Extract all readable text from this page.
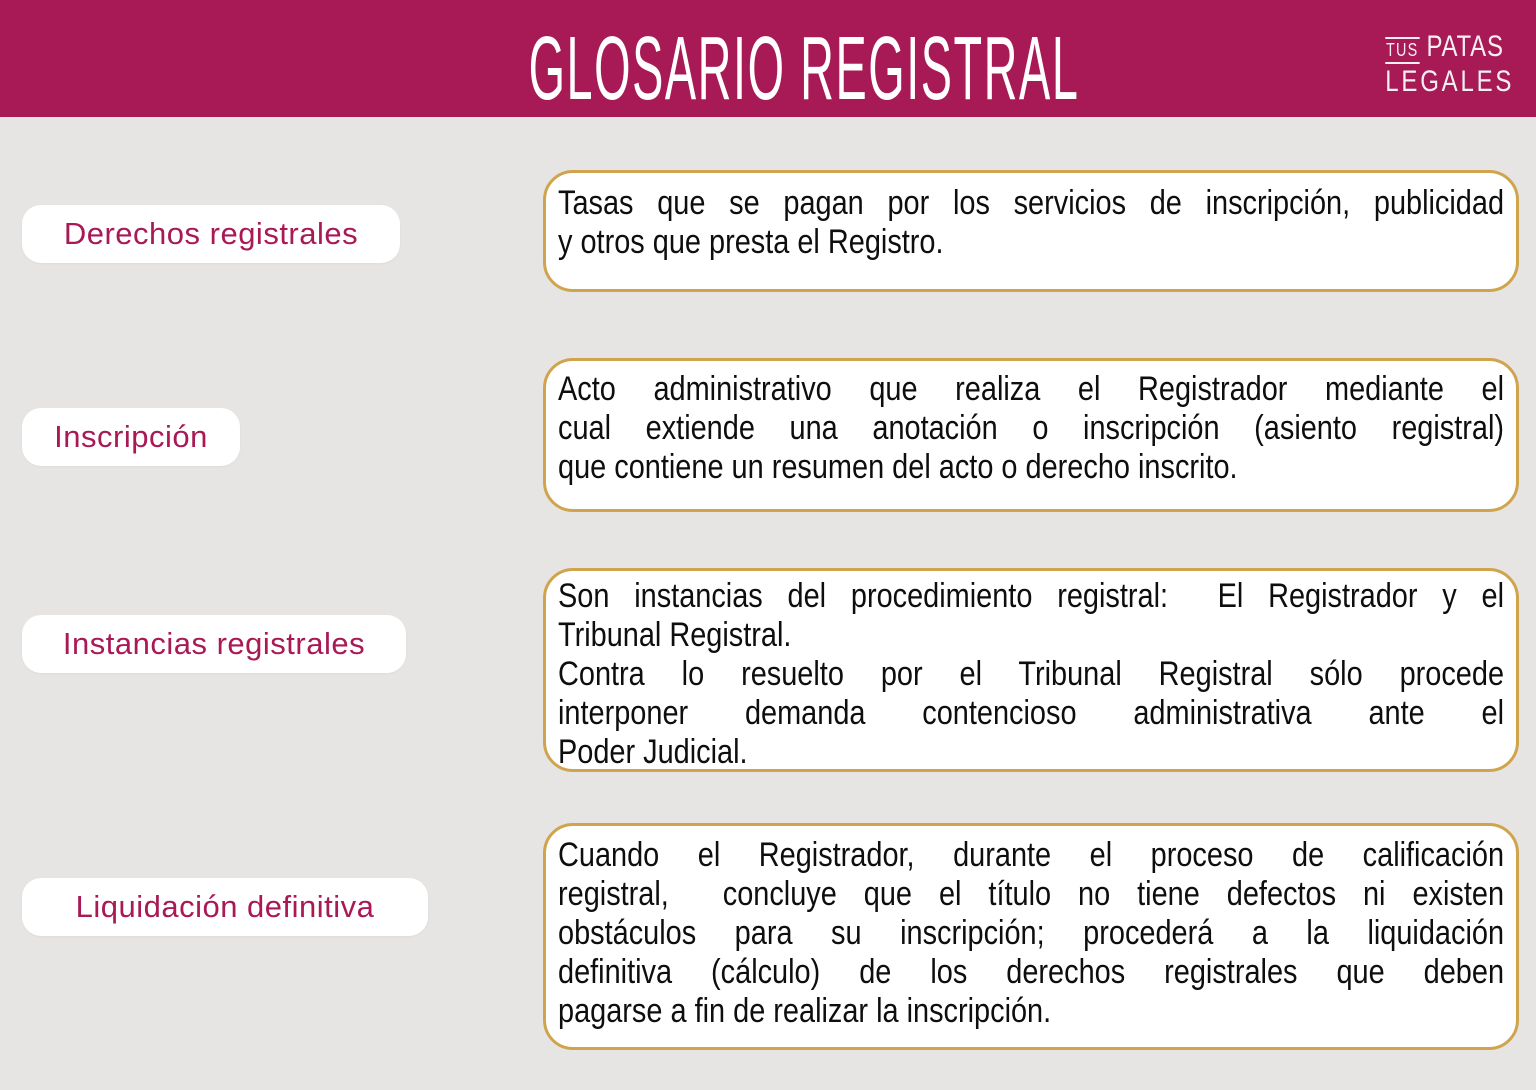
GLOSARIO REGISTRAL	TUS PATAS
LEGALES
Derechos registrales
Tasas que se pagan por los servicios de inscripción, publicidad
y otros que presta el Registro.
Inscripción
Acto administrativo que realiza el Registrador mediante el
cual extiende una anotación o inscripción (asiento registral)
que contiene un resumen del acto o derecho inscrito.
Instancias registrales
Son instancias del procedimiento registral:  El Registrador y el
Tribunal Registral.
Contra lo resuelto por el Tribunal Registral sólo procede
interponer demanda contencioso administrativa ante el
Poder Judicial.
Liquidación definitiva
Cuando el Registrador, durante el proceso de calificación
registral,  concluye que el título no tiene defectos ni existen
obstáculos para su inscripción; procederá a la liquidación
definitiva (cálculo) de los derechos registrales que deben
pagarse a fin de realizar la inscripción.
